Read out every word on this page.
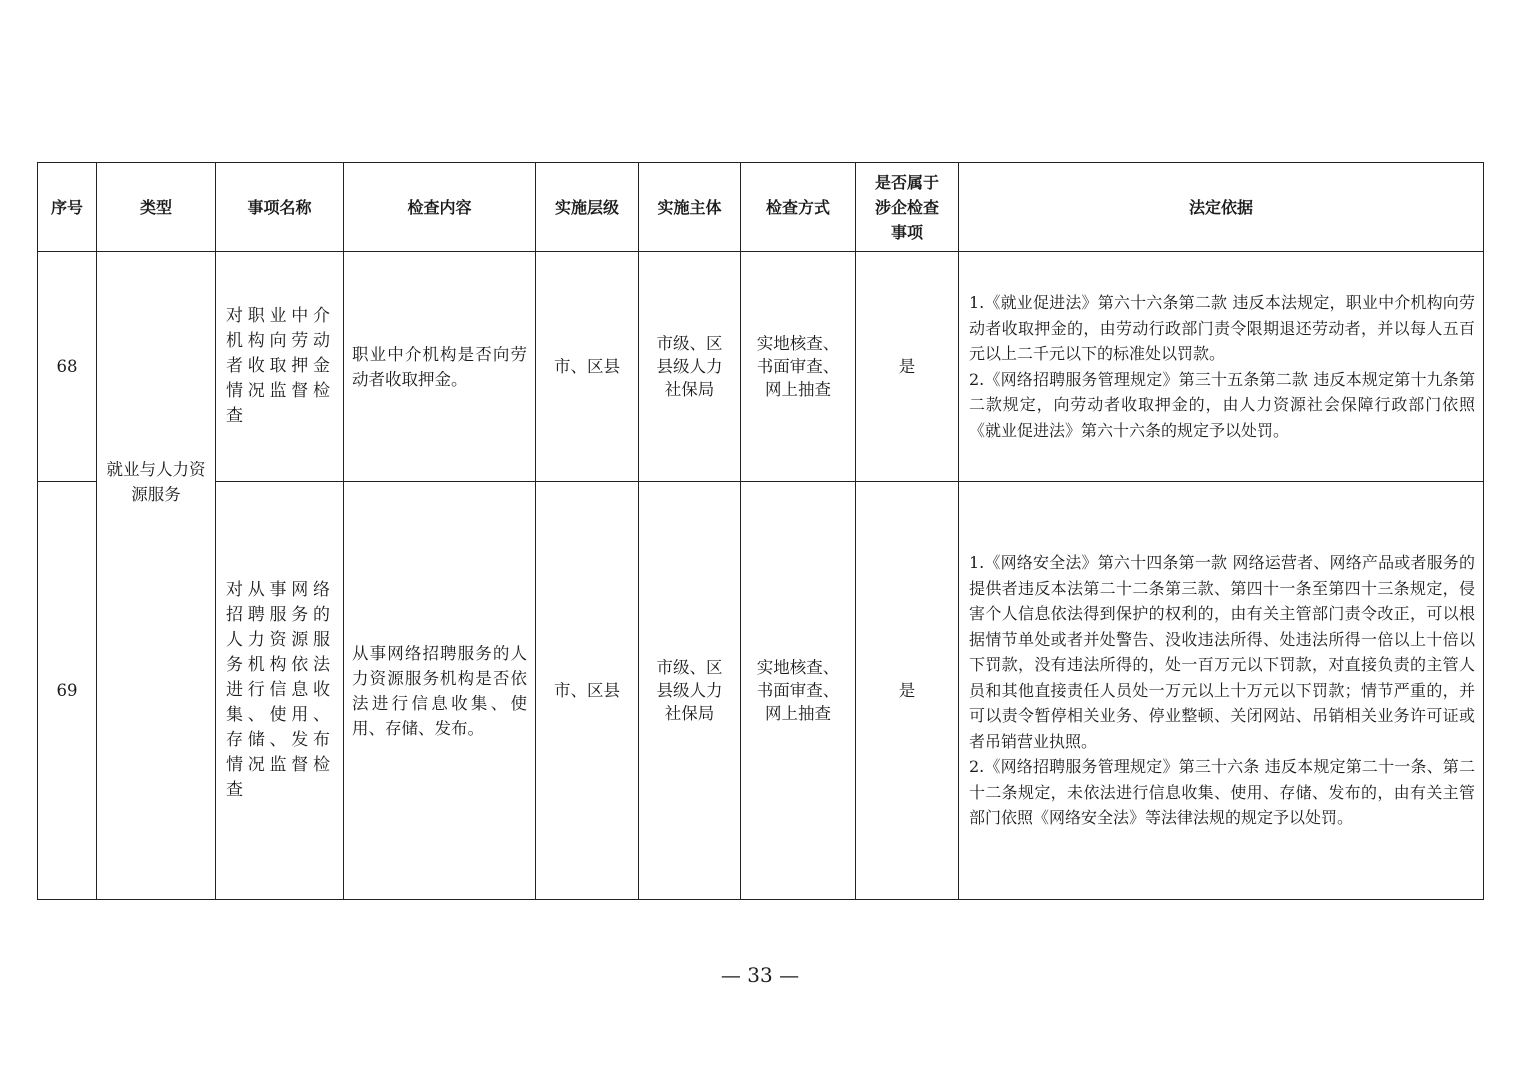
序号	类型	事项名称	检查内容	实施层级	实施主体	检查方式	是否属于涉企检查事项	法定依据
68	就业与人力资源服务	对职业中介机构向劳动者收取押金情况监督检查	职业中介机构是否向劳动者收取押金。	市、区县	市级、区县级人力社保局	实地核查、书面审查、网上抽查	是	1.《就业促进法》第六十六条第二款 违反本法规定，职业中介机构向劳动者收取押金的，由劳动行政部门责令限期退还劳动者，并以每人五百元以上二千元以下的标准处以罚款。

2.《网络招聘服务管理规定》第三十五条第二款 违反本规定第十九条第二款规定，向劳动者收取押金的，由人力资源社会保障行政部门依照《就业促进法》第六十六条的规定予以处罚。

69		对从事网络招聘服务的人力资源服务机构依法进行信息收集、使用、存储、发布情况监督检查	从事网络招聘服务的人力资源服务机构是否依法进行信息收集、使用、存储、发布。	市、区县	市级、区县级人力社保局	实地核查、书面审查、网上抽查	是	1.《网络安全法》第六十四条第一款 网络运营者、网络产品或者服务的提供者违反本法第二十二条第三款、第四十一条至第四十三条规定，侵害个人信息依法得到保护的权利的，由有关主管部门责令改正，可以根据情节单处或者并处警告、没收违法所得、处违法所得一倍以上十倍以下罚款，没有违法所得的，处一百万元以下罚款，对直接负责的主管人员和其他直接责任人员处一万元以上十万元以下罚款；情节严重的，并可以责令暂停相关业务、停业整顿、关闭网站、吊销相关业务许可证或者吊销营业执照。

2.《网络招聘服务管理规定》第三十六条 违反本规定第二十一条、第二十二条规定，未依法进行信息收集、使用、存储、发布的，由有关主管部门依照《网络安全法》等法律法规的规定予以处罚。

— 33 —
